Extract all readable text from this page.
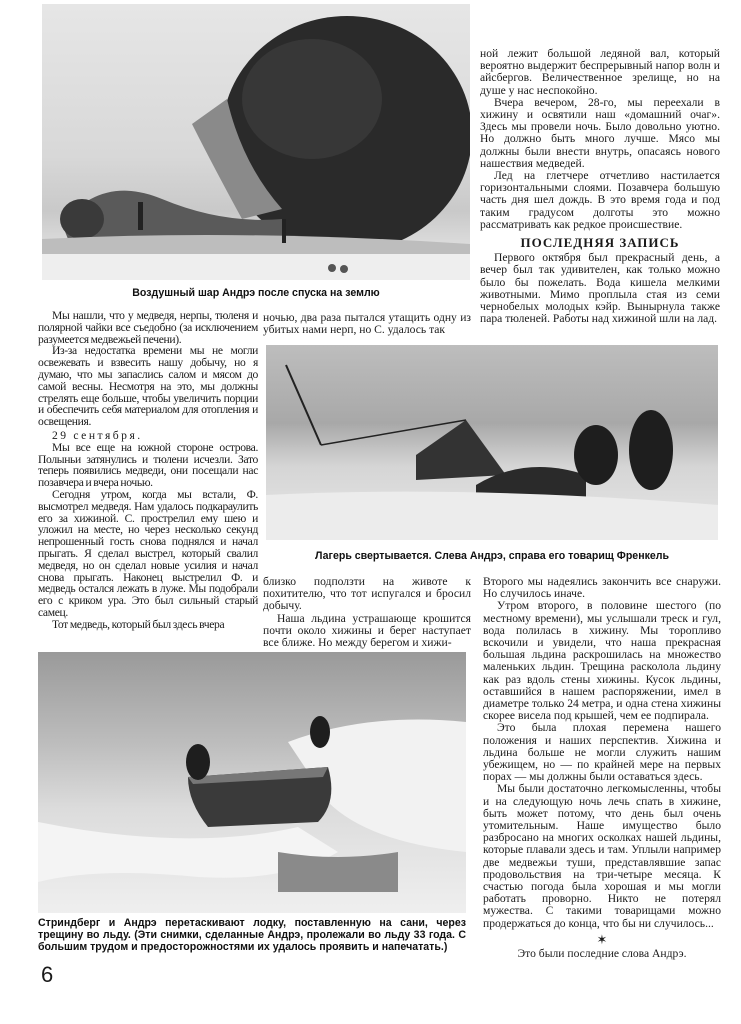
Воздушный шар Андрэ после спуска на землю

ной лежит большой ледяной вал, который вероятно выдержит беспрерывный напор волн и айсбергов. Величественное зрелище, но на душе у нас неспокойно.

Вчера вечером, 28-го, мы переехали в хижину и освятили наш «домашний очаг». Здесь мы провели ночь. Было довольно уютно. Но должно быть много лучше. Мясо мы должны были внести внутрь, опасаясь нового нашествия медведей.

Лед на глетчере отчетливо настилается горизонтальными слоями. Позавчера большую часть дня шел дождь. В это время года и под таким градусом долготы это можно рассматривать как редкое происшествие.

ПОСЛЕДНЯЯ ЗАПИСЬ

Первого октября был прекрасный день, а вечер был так удивителен, как только можно было бы пожелать. Вода кишела мелкими животными. Мимо проплыла стая из семи чернобелых молодых кэйр. Вынырнула также пара тюленей. Работы над хижиной шли на лад.

Мы нашли, что у медведя, нерпы, тюленя и полярной чайки все съедобно (за исключением разумеется медвежьей печени).

Из-за недостатка времени мы не могли освежевать и взвесить нашу добычу, но я думаю, что мы запаслись салом и мясом до самой весны. Несмотря на это, мы должны стрелять еще больше, чтобы увеличить порции и обеспечить себя материалом для отопления и освещения.

29 сентября.

Мы все еще на южной стороне острова. Полыньи затянулись и тюлени исчезли. Зато теперь появились медведи, они посещали нас позавчера и вчера ночью.

Сегодня утром, когда мы встали, Ф. высмотрел медведя. Нам удалось подкараулить его за хижиной. С. прострелил ему шею и уложил на месте, но через несколько секунд непрошенный гость снова поднялся и начал прыгать. Я сделал выстрел, который свалил медведя, но он сделал новые усилия и начал снова прыгать. Наконец выстрелил Ф. и медведь остался лежать в луже. Мы подобрали его с криком ура. Это был сильный старый самец.

Тот медведь, который был здесь вчера

ночью, два раза пытался утащить одну из убитых нами нерп, но С. удалось так

Лагерь свертывается. Слева Андрэ, справа его товарищ Френкель

близко подползти на животе к похитителю, что тот испугался и бросил добычу.

Наша льдина устрашающе крошится почти около хижины и берег наступает все ближе. Но между берегом и хижи-

Второго мы надеялись закончить все снаружи. Но случилось иначе.

Утром второго, в половине шестого (по местному времени), мы услышали треск и гул, вода полилась в хижину. Мы торопливо вскочили и увидели, что наша прекрасная большая льдина раскрошилась на множество маленьких льдин. Трещина расколола льдину как раз вдоль стены хижины. Кусок льдины, оставшийся в нашем распоряжении, имел в диаметре только 24 метра, и одна стена хижины скорее висела под крышей, чем ее подпирала.

Это была плохая перемена нашего положения и наших перспектив. Хижина и льдина больше не могли служить нашим убежищем, но — по крайней мере на первых порах — мы должны были оставаться здесь.

Мы были достаточно легкомысленны, чтобы и на следующую ночь лечь спать в хижине, быть может потому, что день был очень утомительным. Наше имущество было разбросано на многих осколках нашей льдины, которые плавали здесь и там. Уплыли например две медвежьи туши, представлявшие запас продовольствия на три-четыре месяца. К счастью погода была хорошая и мы могли работать проворно. Никто не потерял мужества. С такими товарищами можно продержаться до конца, что бы ни случилось...

✶
Это были последние слова Андрэ.
Стриндберг и Андрэ перетаскивают лодку, поставленную на сани, через трещину во льду. (Эти снимки, сделанные Андрэ, пролежали во льду 33 года. С большим трудом и предосторожностями их удалось проявить и напечатать.)
6
